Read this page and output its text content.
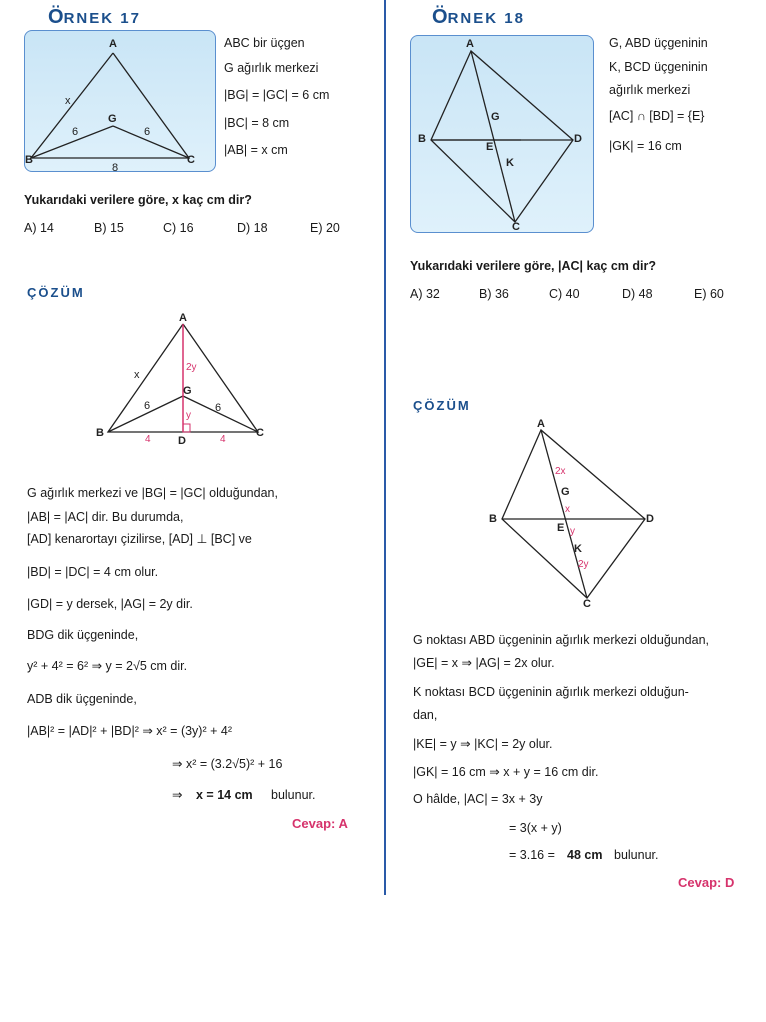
ÖRNEK 17
A
B	C
G
x
6	6
8
ABC bir üçgen
G ağırlık merkezi
|BG| = |GC| = 6 cm
|BC| = 8 cm
|AB| = x cm
Yukarıdaki verilere göre, x kaç cm dir?
A) 14	B) 15	C) 16	D) 18	E) 20
ÇÖZÜM
A
B	C
G
D
x
6	6
2y
y
4	4
G ağırlık merkezi ve |BG| = |GC| olduğundan,
|AB| = |AC| dir. Bu durumda,
[AD] kenarortayı çizilirse, [AD] ⊥ [BC] ve
|BD| = |DC| = 4 cm olur.
|GD| = y dersek, |AG| = 2y dir.
BDG dik üçgeninde,
y² + 4² = 6² ⇒ y = 2√5 cm dir.
ADB dik üçgeninde,
|AB|² = |AD|² + |BD|² ⇒ x² = (3y)² + 4²
⇒ x² = (3.2√5)² + 16
⇒ x = 14 cm bulunur.
Cevap: A
ÖRNEK 18
A
B
C
D
E
G
K
G, ABD üçgeninin
K, BCD üçgeninin
ağırlık merkezi
[AC] ∩ [BD] = {E}
|GK| = 16 cm
Yukarıdaki verilere göre, |AC| kaç cm dir?
A) 32	B) 36	C) 40	D) 48	E) 60
ÇÖZÜM
A
B
C
D
E
G
K
2x
x
y
2y
G noktası ABD üçgeninin ağırlık merkezi olduğundan,
|GE| = x ⇒ |AG| = 2x olur.
K noktası BCD üçgeninin ağırlık merkezi olduğun-
dan,
|KE| = y ⇒ |KC| = 2y olur.
|GK| = 16 cm ⇒ x + y = 16 cm dir.
O hâlde, |AC| = 3x + 3y
= 3(x + y)
= 3.16 = 48 cm bulunur.
Cevap: D
